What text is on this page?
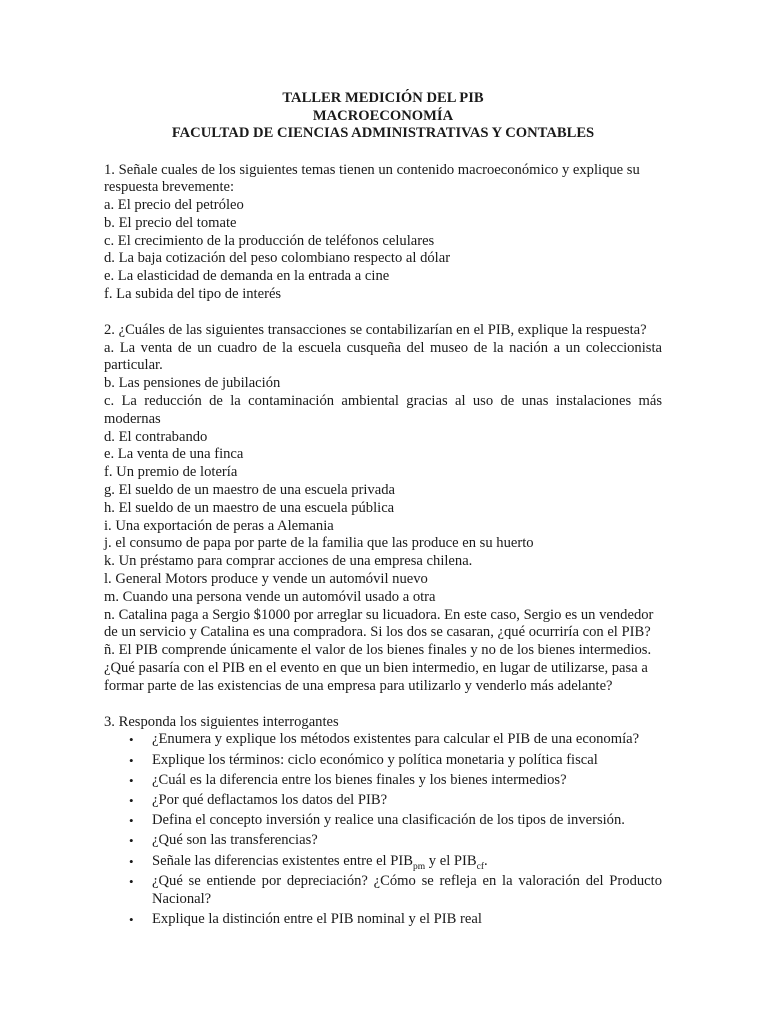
TALLER MEDICIÓN DEL PIB
MACROECONOMÍA
FACULTAD DE CIENCIAS ADMINISTRATIVAS Y CONTABLES
1. Señale cuales de los siguientes temas tienen un contenido macroeconómico y explique su
respuesta brevemente:
a. El precio del petróleo
b. El precio del tomate
c. El crecimiento de la producción de teléfonos celulares
d. La baja cotización del peso colombiano respecto al dólar
e. La elasticidad de demanda en la entrada a cine
f. La subida del tipo de interés
2. ¿Cuáles de las siguientes transacciones se contabilizarían en el PIB, explique la respuesta?
a. La venta de un cuadro de la escuela cusqueña del museo de la nación a un coleccionista particular.
b. Las pensiones de jubilación
c. La reducción de la contaminación ambiental gracias al uso de unas instalaciones más modernas
d. El contrabando
e. La venta de una finca
f. Un premio de lotería
g. El sueldo de un maestro de una escuela privada
h. El sueldo de un maestro de una escuela pública
i. Una exportación de peras a Alemania
j. el consumo de papa por parte de la familia que las produce en su huerto
k. Un préstamo para comprar acciones de una empresa chilena.
l. General Motors produce y vende un automóvil nuevo
m. Cuando una persona vende un automóvil usado a otra
n. Catalina paga a Sergio $1000 por arreglar su licuadora. En este caso, Sergio es un vendedor de un servicio y Catalina es una compradora. Si los dos se casaran, ¿qué ocurriría con el PIB?
ñ. El PIB comprende únicamente el valor de los bienes finales y no de los bienes intermedios. ¿Qué pasaría con el PIB en el evento en que un bien intermedio, en lugar de utilizarse, pasa a formar parte de las existencias de una empresa para utilizarlo y venderlo más adelante?
3. Responda los siguientes interrogantes
• ¿Enumera y explique los métodos existentes para calcular el PIB de una economía?
• Explique los términos: ciclo económico y política monetaria y política fiscal
• ¿Cuál es la diferencia entre los bienes finales y los bienes intermedios?
• ¿Por qué deflactamos los datos del PIB?
• Defina el concepto inversión y realice una clasificación de los tipos de inversión.
• ¿Qué son las transferencias?
• Señale las diferencias existentes entre el $PIB_{pm}$ y el $PIB_{cf}$.
• ¿Qué se entiende por depreciación? ¿Cómo se refleja en la valoración del Producto Nacional?
• Explique la distinción entre el PIB nominal y el PIB real
